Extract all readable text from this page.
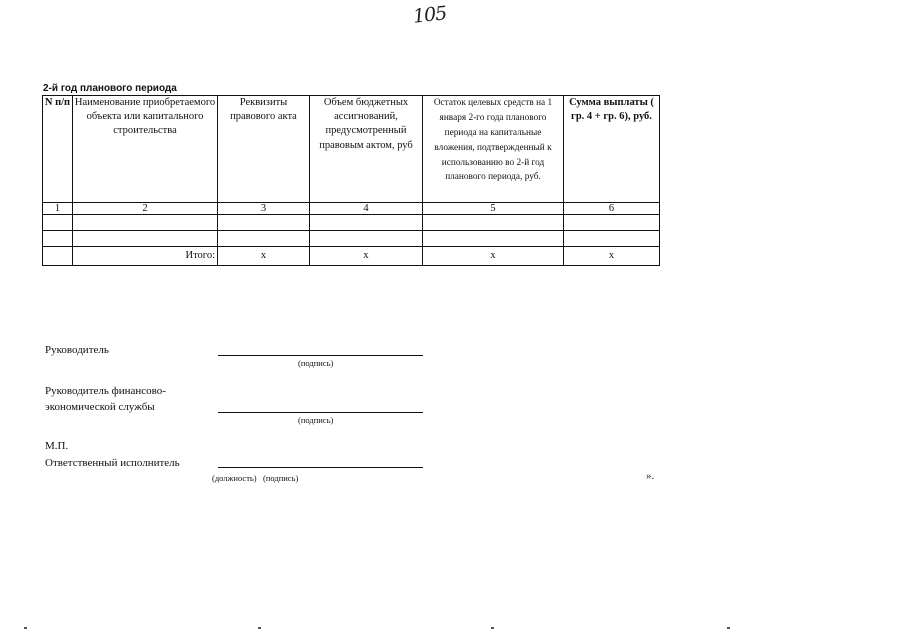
105
2-й год планового периода
N п/п	Наименование приобретаемого объекта или капитального строительства	Реквизиты правового акта	Объем бюджетных ассигнований, предусмотренный правовым актом, руб	Остаток целевых средств на 1 января 2-го года планового периода на капитальные вложения, подтвержденный к использованию во 2-й год планового периода, руб.	Сумма выплаты ( гр. 4 + гр. 6), руб.
1	2	3	4	5	6

	Итого:	х	х	х	х
Руководитель
(подпись)
Руководитель финансово-
экономической службы
(подпись)
М.П.
Ответственный исполнитель
(должность)   (подпись)	».
